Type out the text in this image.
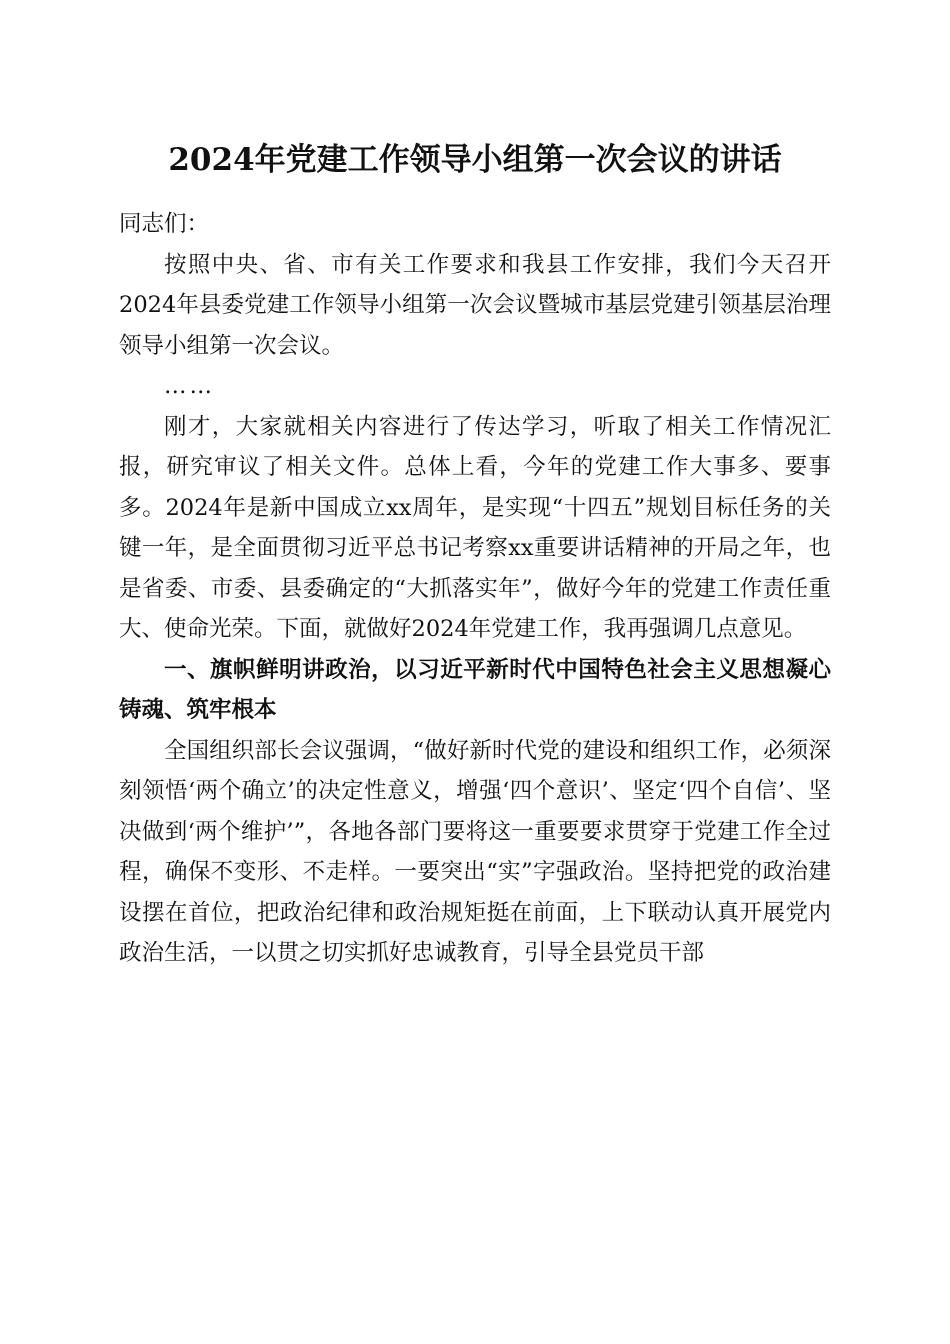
2024年党建工作领导小组第一次会议的讲话

同志们：

按照中央、省、市有关工作要求和我县工作安排，我们今天召开2024年县委党建工作领导小组第一次会议暨城市基层党建引领基层治理领导小组第一次会议。

……

刚才，大家就相关内容进行了传达学习，听取了相关工作情况汇报，研究审议了相关文件。总体上看，今年的党建工作大事多、要事多。2024年是新中国成立xx周年，是实现“十四五”规划目标任务的关键一年，是全面贯彻习近平总书记考察xx重要讲话精神的开局之年，也是省委、市委、县委确定的“大抓落实年”，做好今年的党建工作责任重大、使命光荣。下面，就做好2024年党建工作，我再强调几点意见。

一、旗帜鲜明讲政治，以习近平新时代中国特色社会主义思想凝心铸魂、筑牢根本

全国组织部长会议强调，“做好新时代党的建设和组织工作，必须深刻领悟‘两个确立’的决定性意义，增强‘四个意识’、坚定‘四个自信’、坚决做到‘两个维护’”，各地各部门要将这一重要要求贯穿于党建工作全过程，确保不变形、不走样。一要突出“实”字强政治。坚持把党的政治建设摆在首位，把政治纪律和政治规矩挺在前面，上下联动认真开展党内政治生活，一以贯之切实抓好忠诚教育，引导全县党员干部
